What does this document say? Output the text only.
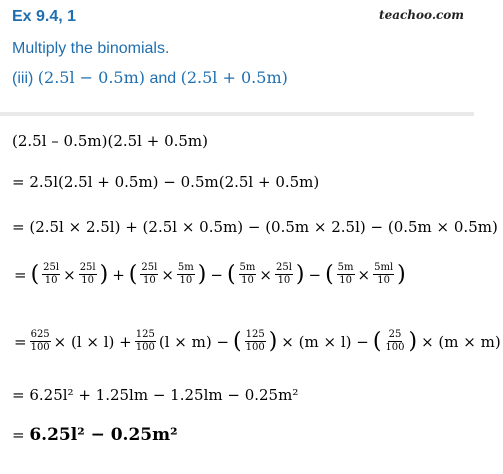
Ex 9.4, 1	teachoo.com
Multiply the binomials.
(iii) (2.5l − 0.5m) and (2.5l + 0.5m)
(2.5l – 0.5m)(2.5l + 0.5m)
= 2.5l(2.5l + 0.5m) − 0.5m(2.5l + 0.5m)
= (2.5l × 2.5l) + (2.5l × 0.5m) − (0.5m × 2.5l) − (0.5m × 0.5m)
= ( $\frac{25l}{10} \times \frac{25l}{10}$ ) + ( $\frac{25l}{10} \times \frac{5m}{10}$ ) − ( $\frac{5m}{10} \times \frac{25l}{10}$ ) − ( $\frac{5m}{10} \times \frac{5ml}{10}$ )
= $\frac{625}{100} \times (l \times l) + \frac{125}{100} (l \times m)$ − ( $\frac{125}{100}$ ) × (m × l) − ( $\frac{25}{100}$ ) × (m × m)
= 6.25l² + 1.25lm − 1.25lm − 0.25m²
= 6.25l² − 0.25m²
